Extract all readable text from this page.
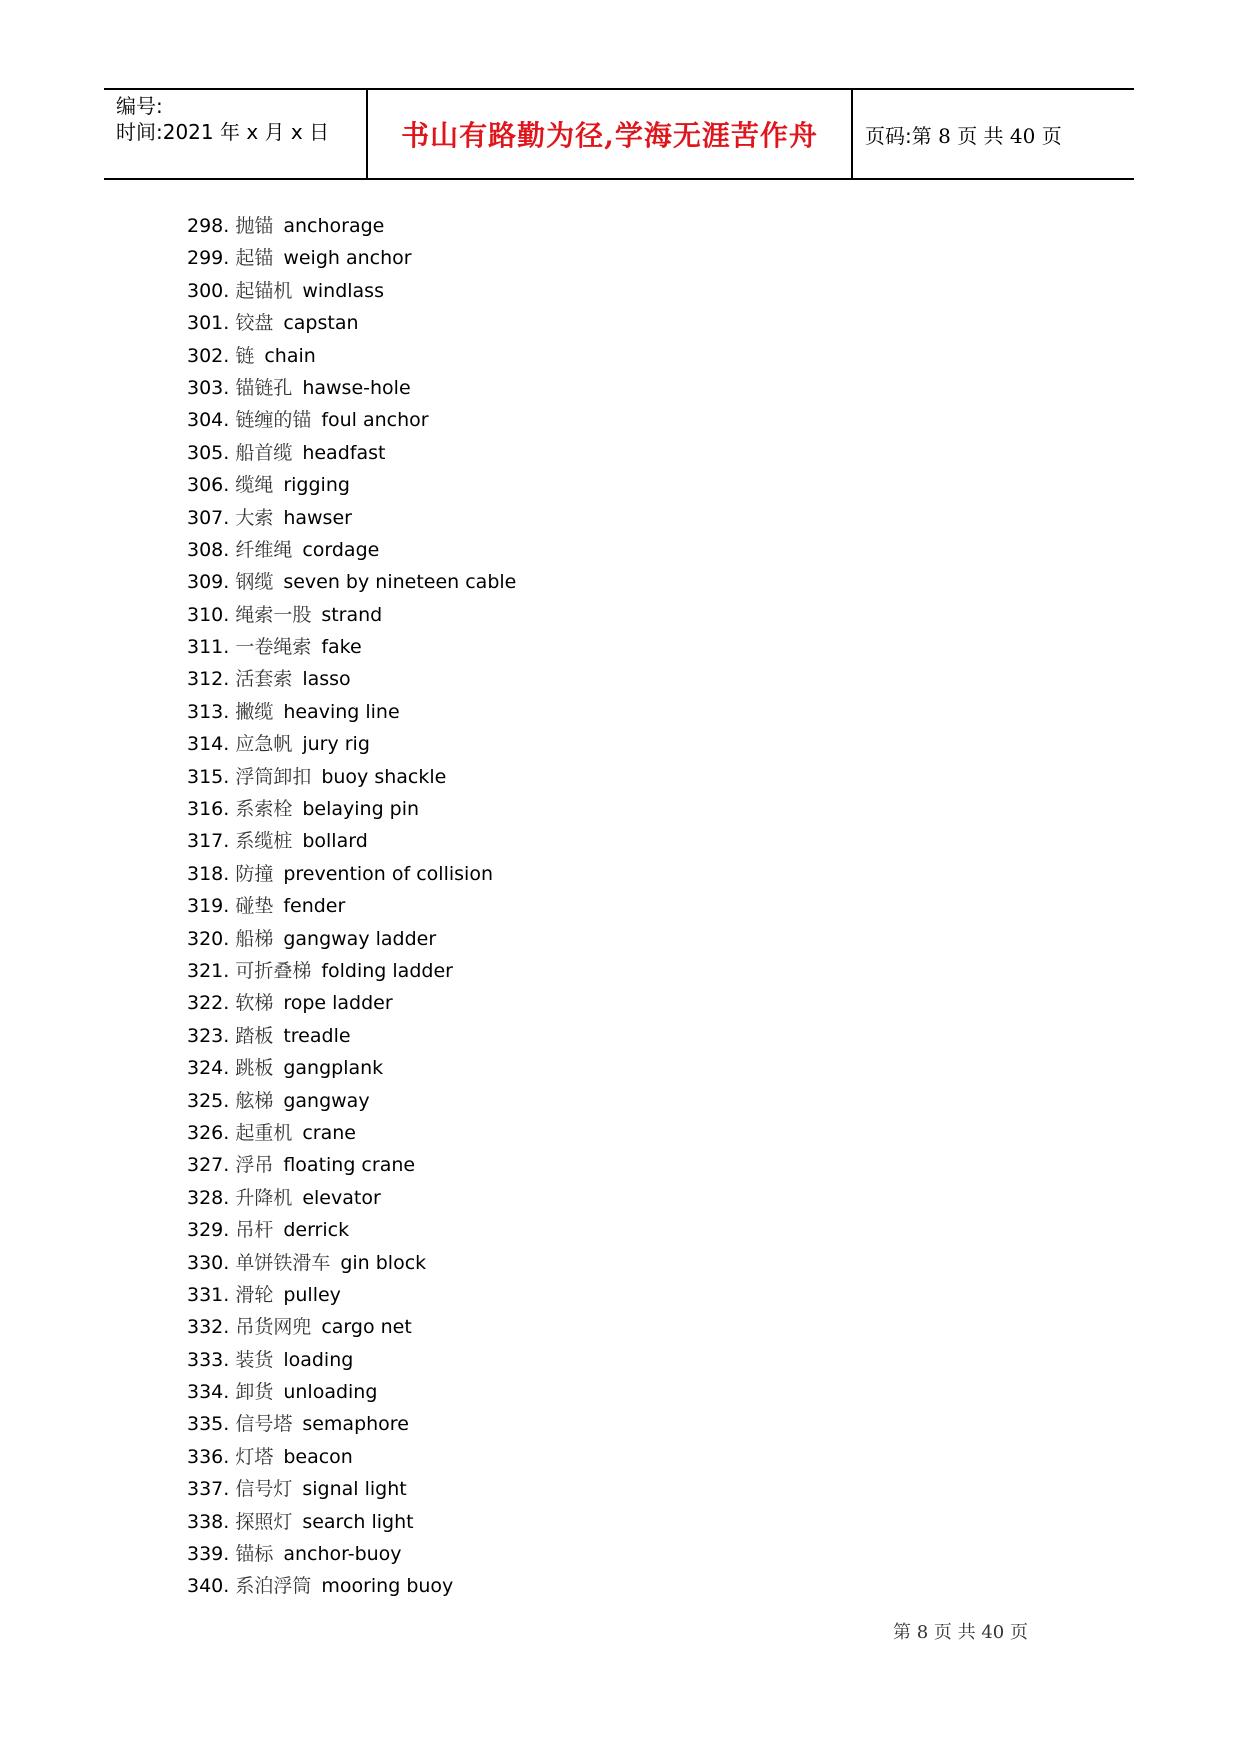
编号:
时间:2021 年 x 月 x 日	书山有路勤为径,学海无涯苦作舟 页码:第 8 页 共 40 页
298. 抛锚 anchorage
299. 起锚 weigh anchor
300. 起锚机 windlass
301. 铰盘 capstan
302. 链 chain
303. 锚链孔 hawse-hole
304. 链缠的锚 foul anchor
305. 船首缆 headfast
306. 缆绳 rigging
307. 大索 hawser
308. 纤维绳 cordage
309. 钢缆 seven by nineteen cable
310. 绳索一股 strand
311. 一卷绳索 fake
312. 活套索 lasso
313. 撇缆 heaving line
314. 应急帆 jury rig
315. 浮筒卸扣 buoy shackle
316. 系索栓 belaying pin
317. 系缆桩 bollard
318. 防撞 prevention of collision
319. 碰垫 fender
320. 船梯 gangway ladder
321. 可折叠梯 folding ladder
322. 软梯 rope ladder
323. 踏板 treadle
324. 跳板 gangplank
325. 舷梯 gangway
326. 起重机 crane
327. 浮吊 floating crane
328. 升降机 elevator
329. 吊杆 derrick
330. 单饼铁滑车 gin block
331. 滑轮 pulley
332. 吊货网兜 cargo net
333. 装货 loading
334. 卸货 unloading
335. 信号塔 semaphore
336. 灯塔 beacon
337. 信号灯 signal light
338. 探照灯 search light
339. 锚标 anchor-buoy
340. 系泊浮筒 mooring buoy
第 8 页 共 40 页
